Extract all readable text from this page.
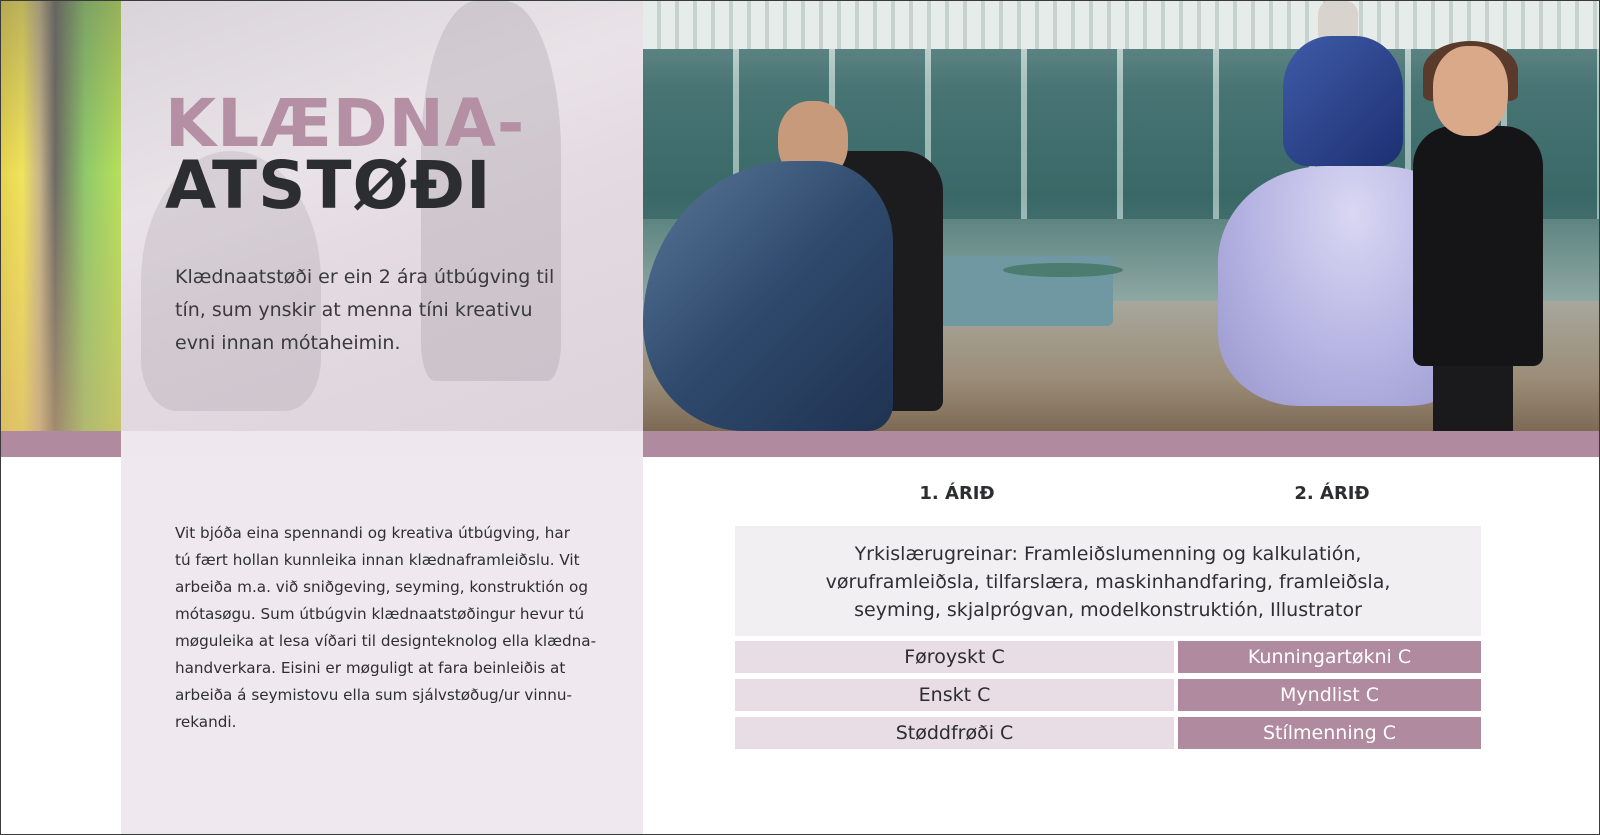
KLÆDNA-
ATSTØÐI

Klædnaatstøði er ein 2 ára útbúgving til tín, sum ynskir at menna tíni kreativu evni innan mótaheimin.

Vit bjóða eina spennandi og kreativa útbúgving, har
tú fært hollan kunnleika innan klædnaframleiðslu. Vit
arbeiða m.a. við sniðgeving, seyming, konstruktión og
mótasøgu. Sum útbúgvin klædnaatstøðingur hevur tú
møguleika at lesa víðari til designteknolog ella klædna-
handverkara. Eisini er møguligt at fara beinleiðis at
arbeiða á seymistovu ella sum sjálvstøðug/ur vinnu-
rekandi.
1. ÁRIÐ	2. ÁRIÐ
Yrkislærugreinar: Framleiðslumenning og kalkulatión,
vøruframleiðsla, tilfarslæra, maskinhandfaring, framleiðsla,
seyming, skjalprógvan, modelkonstruktión, Illustrator
Føroyskt C	Kunningartøkni C
Enskt C	Myndlist C
Støddfrøði C	Stílmenning C
